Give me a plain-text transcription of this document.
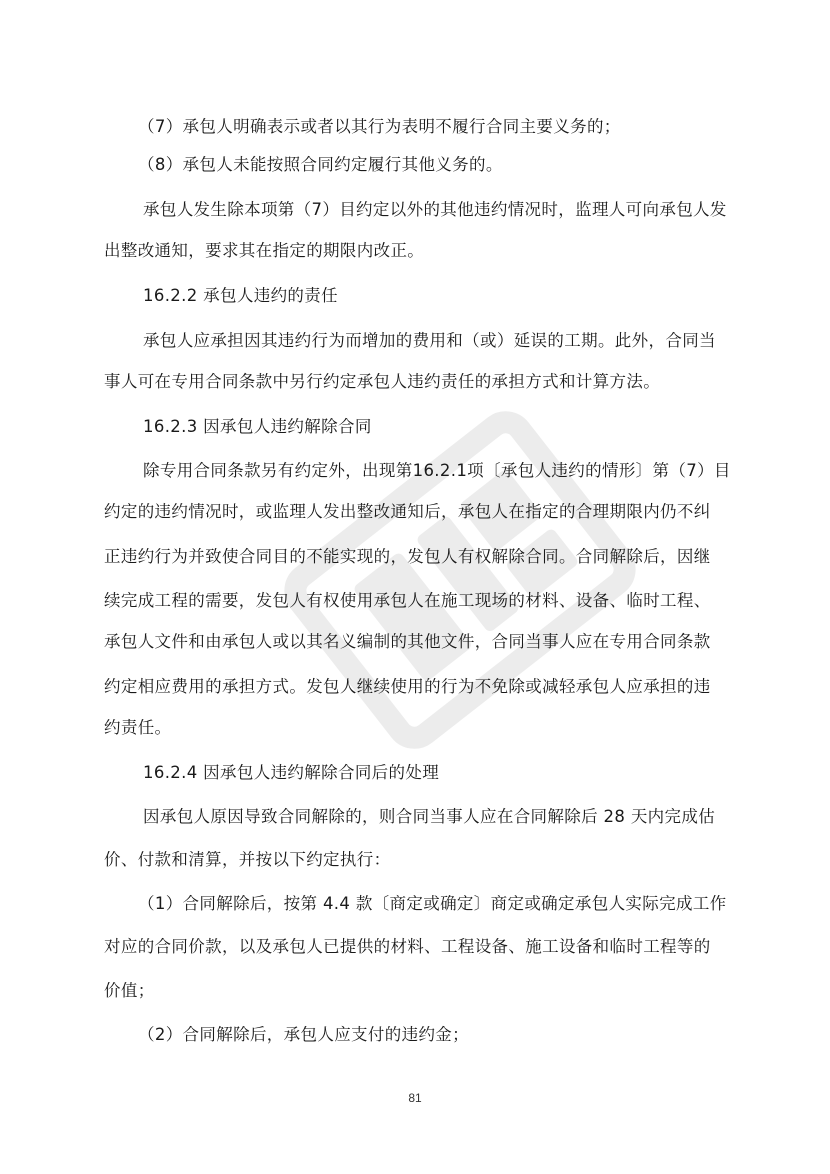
（7）承包人明确表示或者以其行为表明不履行合同主要义务的；
（8）承包人未能按照合同约定履行其他义务的。
承包人发生除本项第（7）目约定以外的其他违约情况时，监理人可向承包人发
出整改通知，要求其在指定的期限内改正。
16.2.2 承包人违约的责任
承包人应承担因其违约行为而增加的费用和（或）延误的工期。此外，合同当
事人可在专用合同条款中另行约定承包人违约责任的承担方式和计算方法。
16.2.3 因承包人违约解除合同
除专用合同条款另有约定外，出现第16.2.1项〔承包人违约的情形〕第（7）目
约定的违约情况时，或监理人发出整改通知后，承包人在指定的合理期限内仍不纠
正违约行为并致使合同目的不能实现的，发包人有权解除合同。合同解除后，因继
续完成工程的需要，发包人有权使用承包人在施工现场的材料、设备、临时工程、
承包人文件和由承包人或以其名义编制的其他文件，合同当事人应在专用合同条款
约定相应费用的承担方式。发包人继续使用的行为不免除或减轻承包人应承担的违
约责任。
16.2.4 因承包人违约解除合同后的处理
因承包人原因导致合同解除的，则合同当事人应在合同解除后 28 天内完成估
价、付款和清算，并按以下约定执行：
（1）合同解除后，按第 4.4 款〔商定或确定〕商定或确定承包人实际完成工作
对应的合同价款，以及承包人已提供的材料、工程设备、施工设备和临时工程等的
价值；
（2）合同解除后，承包人应支付的违约金；
81
